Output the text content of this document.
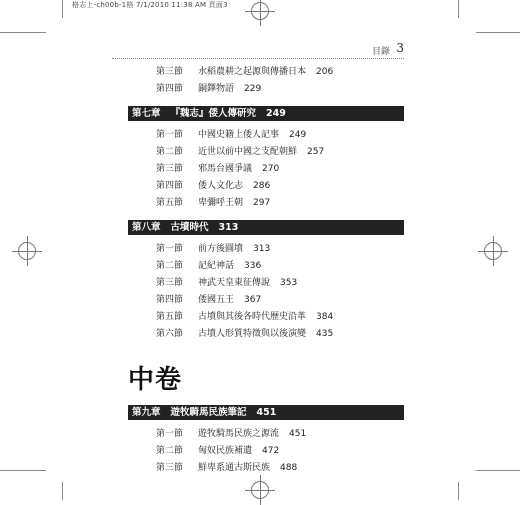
格志上-ch00b-1格 7/1/2010 11:38 AM 頁面3
目錄 3
第三節 水稻農耕之起源與傳播日本 206
第四節 銅鐸物語 229
第七章 『魏志』倭人傳研究 249
第一節 中國史籍上倭人記事 249
第二節 近世以前中國之支配朝鮮 257
第三節 邪馬台國爭議 270
第四節 倭人文化志 286
第五節 卑彌呼王朝 297
第八章 古墳時代 313
第一節 前方後圓墳 313
第二節 記紀神話 336
第三節 神武天皇東征傳說 353
第四節 倭國五王 367
第五節 古墳與其後各時代歷史沿革 384
第六節 古墳人形質特徵與以後演變 435
中卷
第九章 遊牧騎馬民族筆記 451
第一節 遊牧騎馬民族之源流 451
第二節 匈奴民族補遺 472
第三節 鮮卑系通古斯民族 488
